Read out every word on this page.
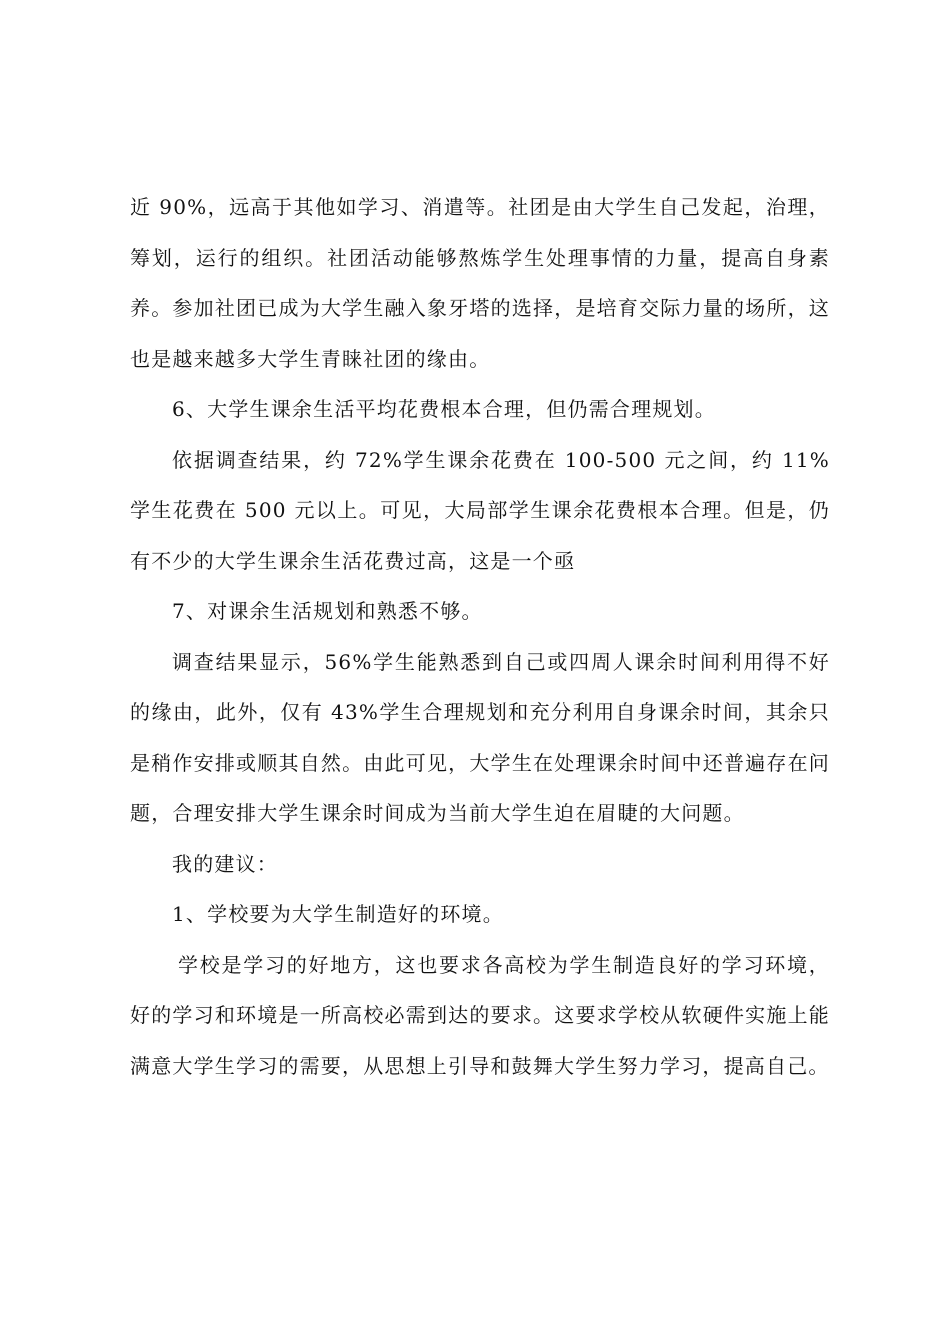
近 90%，远高于其他如学习、消遣等。社团是由大学生自己发起，治理，筹划，运行的组织。社团活动能够熬炼学生处理事情的力量，提高自身素养。参加社团已成为大学生融入象牙塔的选择，是培育交际力量的场所，这也是越来越多大学生青睐社团的缘由。

6、大学生课余生活平均花费根本合理，但仍需合理规划。

依据调查结果，约 72%学生课余花费在 100-500 元之间，约 11%学生花费在 500 元以上。可见，大局部学生课余花费根本合理。但是，仍有不少的大学生课余生活花费过高，这是一个亟

7、对课余生活规划和熟悉不够。

调查结果显示，56%学生能熟悉到自己或四周人课余时间利用得不好的缘由，此外，仅有 43%学生合理规划和充分利用自身课余时间，其余只是稍作安排或顺其自然。由此可见，大学生在处理课余时间中还普遍存在问题，合理安排大学生课余时间成为当前大学生迫在眉睫的大问题。

我的建议：

1、学校要为大学生制造好的环境。

学校是学习的好地方，这也要求各高校为学生制造良好的学习环境，好的学习和环境是一所高校必需到达的要求。这要求学校从软硬件实施上能满意大学生学习的需要，从思想上引导和鼓舞大学生努力学习，提高自己。
